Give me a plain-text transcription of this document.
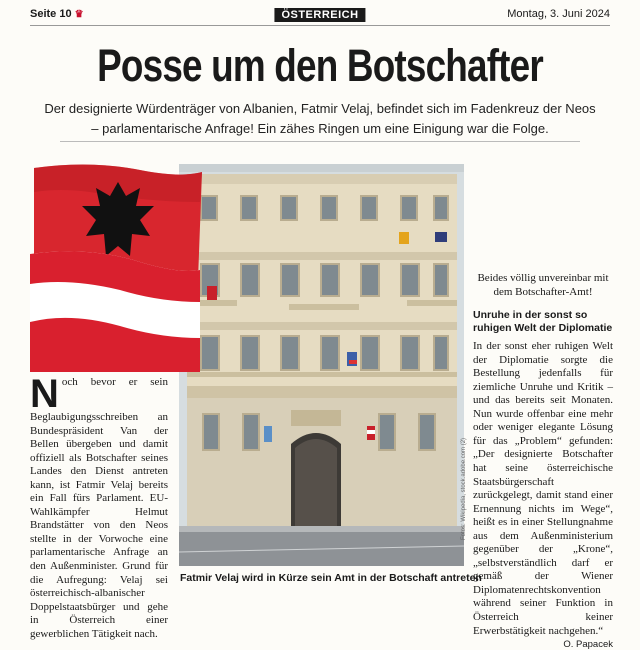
Seite 10 ♛	ÖSTERREICH	Montag, 3. Juni 2024
Posse um den Botschafter

Der designierte Würdenträger von Albanien, Fatmir Velaj, befindet sich im Fadenkreuz der Neos – parlamentarische Anfrage! Ein zähes Ringen um eine Einigung war die Folge.

Fotos: Wikipedia, stock.adobe.com (2)
Fatmir Velaj wird in Kürze sein Amt in der Botschaft antreten
Noch bevor er sein Beglaubigungsschreiben an Bundespräsident Van der Bellen übergeben und damit offiziell als Botschafter seines Landes den Dienst antreten kann, ist Fatmir Velaj bereits ein Fall fürs Parlament. EU-Wahlkämpfer Helmut Brandstätter von den Neos stellte in der Vorwoche eine parlamentarische Anfrage an den Außenminister. Grund für die Aufregung: Velaj sei österreichisch-albanischer Doppelstaatsbürger und gehe in Österreich einer gewerblichen Tätigkeit nach.

Beides völlig unvereinbar mit dem Botschafter-Amt!

Unruhe in der sonst so ruhigen Welt der Diplomatie

In der sonst eher ruhigen Welt der Diplomatie sorgte die Bestellung jedenfalls für ziemliche Unruhe und Kritik – und das bereits seit Monaten. Nun wurde offenbar eine mehr oder weniger elegante Lösung für das „Problem“ gefunden: „Der designierte Botschafter hat seine österreichische Staatsbürgerschaft zurückgelegt, damit stand einer Ernennung nichts im Wege“, heißt es in einer Stellungnahme aus dem Außenministerium gegenüber der „Krone“, „selbstverständlich darf er gemäß der Wiener Diplomatenrechtskonvention während seiner Funktion in Österreich keiner Erwerbstätigkeit nachgehen.“
O. Papacek
